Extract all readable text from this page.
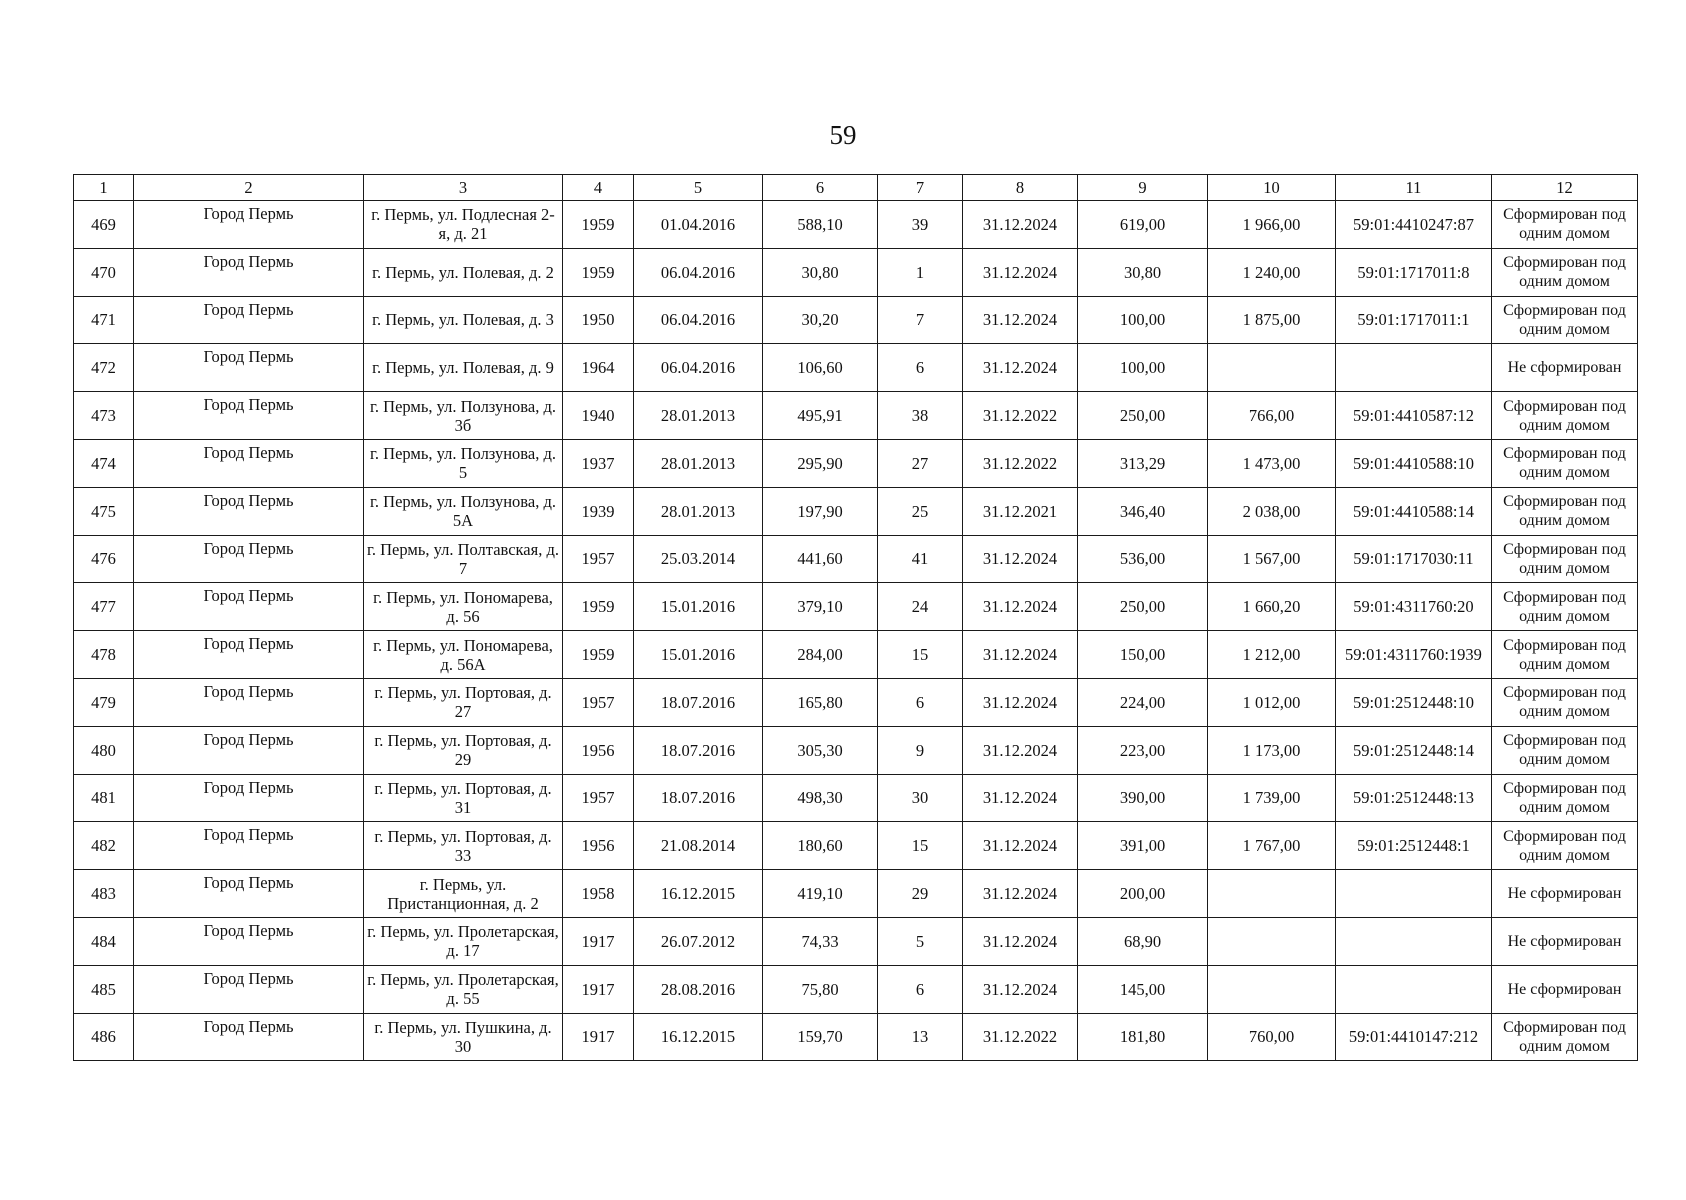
59
1	2	3	4	5	6	7	8	9	10	11	12
469	Город Пермь	г. Пермь, ул. Подлесная 2-я, д. 21	1959	01.04.2016	588,10	39	31.12.2024	619,00	1 966,00	59:01:4410247:87	Сформирован под одним домом
470	Город Пермь	г. Пермь, ул. Полевая, д. 2	1959	06.04.2016	30,80	1	31.12.2024	30,80	1 240,00	59:01:1717011:8	Сформирован под одним домом
471	Город Пермь	г. Пермь, ул. Полевая, д. 3	1950	06.04.2016	30,20	7	31.12.2024	100,00	1 875,00	59:01:1717011:1	Сформирован под одним домом
472	Город Пермь	г. Пермь, ул. Полевая, д. 9	1964	06.04.2016	106,60	6	31.12.2024	100,00			Не сформирован
473	Город Пермь	г. Пермь, ул. Ползунова, д. 3б	1940	28.01.2013	495,91	38	31.12.2022	250,00	766,00	59:01:4410587:12	Сформирован под одним домом
474	Город Пермь	г. Пермь, ул. Ползунова, д. 5	1937	28.01.2013	295,90	27	31.12.2022	313,29	1 473,00	59:01:4410588:10	Сформирован под одним домом
475	Город Пермь	г. Пермь, ул. Ползунова, д. 5А	1939	28.01.2013	197,90	25	31.12.2021	346,40	2 038,00	59:01:4410588:14	Сформирован под одним домом
476	Город Пермь	г. Пермь, ул. Полтавская, д. 7	1957	25.03.2014	441,60	41	31.12.2024	536,00	1 567,00	59:01:1717030:11	Сформирован под одним домом
477	Город Пермь	г. Пермь, ул. Пономарева, д. 56	1959	15.01.2016	379,10	24	31.12.2024	250,00	1 660,20	59:01:4311760:20	Сформирован под одним домом
478	Город Пермь	г. Пермь, ул. Пономарева, д. 56А	1959	15.01.2016	284,00	15	31.12.2024	150,00	1 212,00	59:01:4311760:1939	Сформирован под одним домом
479	Город Пермь	г. Пермь, ул. Портовая, д. 27	1957	18.07.2016	165,80	6	31.12.2024	224,00	1 012,00	59:01:2512448:10	Сформирован под одним домом
480	Город Пермь	г. Пермь, ул. Портовая, д. 29	1956	18.07.2016	305,30	9	31.12.2024	223,00	1 173,00	59:01:2512448:14	Сформирован под одним домом
481	Город Пермь	г. Пермь, ул. Портовая, д. 31	1957	18.07.2016	498,30	30	31.12.2024	390,00	1 739,00	59:01:2512448:13	Сформирован под одним домом
482	Город Пермь	г. Пермь, ул. Портовая, д. 33	1956	21.08.2014	180,60	15	31.12.2024	391,00	1 767,00	59:01:2512448:1	Сформирован под одним домом
483	Город Пермь	г. Пермь, ул. Пристанционная, д. 2	1958	16.12.2015	419,10	29	31.12.2024	200,00			Не сформирован
484	Город Пермь	г. Пермь, ул. Пролетарская, д. 17	1917	26.07.2012	74,33	5	31.12.2024	68,90			Не сформирован
485	Город Пермь	г. Пермь, ул. Пролетарская, д. 55	1917	28.08.2016	75,80	6	31.12.2024	145,00			Не сформирован
486	Город Пермь	г. Пермь, ул. Пушкина, д. 30	1917	16.12.2015	159,70	13	31.12.2022	181,80	760,00	59:01:4410147:212	Сформирован под одним домом
